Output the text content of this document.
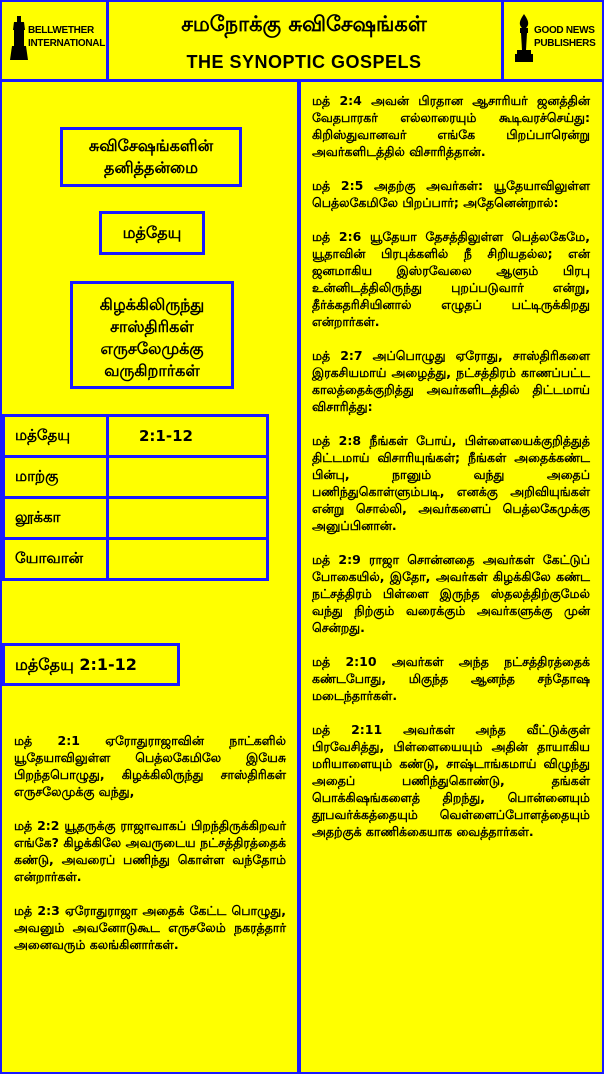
BELLWETHER
INTERNATIONAL
சமநோக்கு சுவிசேஷங்கள்
THE SYNOPTIC GOSPELS
GOOD NEWS
PUBLISHERS
சுவிசேஷங்களின் தனித்தன்மை
மத்தேயு
கிழக்கிலிருந்து சாஸ்திரிகள் எருசலேமுக்கு வருகிறார்கள்
மத்தேயு	2:1-12
மாற்கு	
லூக்கா	
யோவான்	
மத்தேயு 2:1-12

மத் 2:1 ஏரோதுராஜாவின் நாட்களில் யூதேயாவிலுள்ள பெத்லகேமிலே இயேசு பிறந்தபொழுது, கிழக்கிலிருந்து சாஸ்திரிகள் எருசலேமுக்கு வந்து,

மத் 2:2 யூதருக்கு ராஜாவாகப் பிறந்திருக்கிறவர் எங்கே? கிழக்கிலே அவருடைய நட்சத்திரத்தைக் கண்டு, அவரைப் பணிந்து கொள்ள வந்தோம் என்றார்கள்.

மத் 2:3 ஏரோதுராஜா அதைக் கேட்ட பொழுது, அவனும் அவனோடுகூட எருசலேம் நகரத்தார் அனைவரும் கலங்கினார்கள்.

மத் 2:4 அவன் பிரதான ஆசாரியர் ஜனத்தின் வேதபாரகர் எல்லாரையும் கூடிவரச்செய்து: கிறிஸ்துவானவர் எங்கே பிறப்பாரென்று அவர்களிடத்தில் விசாரித்தான்.

மத் 2:5 அதற்கு அவர்கள்: யூதேயாவிலுள்ள பெத்லகேமிலே பிறப்பார்; அதேனென்றால்:

மத் 2:6 யூதேயா தேசத்திலுள்ள பெத்லகேமே, யூதாவின் பிரபுக்களில் நீ சிறியதல்ல; என் ஜனமாகிய இஸ்ரவேலை ஆளும் பிரபு உன்னிடத்திலிருந்து புறப்படுவார் என்று, தீர்க்கதரிசியினால் எழுதப் பட்டிருக்கிறது என்றார்கள்.

மத் 2:7 அப்பொழுது ஏரோது, சாஸ்திரிகளை இரகசியமாய் அழைத்து, நட்சத்திரம் காணப்பட்ட காலத்தைக்குறித்து அவர்களிடத்தில் திட்டமாய் விசாரித்து:

மத் 2:8 நீங்கள் போய், பிள்ளையைக்குறித்துத் திட்டமாய் விசாரியுங்கள்; நீங்கள் அதைக்கண்ட பின்பு, நானும் வந்து அதைப் பணிந்துகொள்ளும்படி, எனக்கு அறிவியுங்கள் என்று சொல்லி, அவர்களைப் பெத்லகேமுக்கு அனுப்பினான்.

மத் 2:9 ராஜா சொன்னதை அவர்கள் கேட்டுப் போகையில், இதோ, அவர்கள் கிழக்கிலே கண்ட நட்சத்திரம் பிள்ளை இருந்த ஸ்தலத்திற்குமேல் வந்து நிற்கும் வரைக்கும் அவர்களுக்கு முன் சென்றது.

மத் 2:10 அவர்கள் அந்த நட்சத்திரத்தைக் கண்டபோது, மிகுந்த ஆனந்த சந்தோஷ மடைந்தார்கள்.

மத் 2:11 அவர்கள் அந்த வீட்டுக்குள் பிரவேசித்து, பிள்ளையையும் அதின் தாயாகிய மரியாளையும் கண்டு, சாஷ்டாங்கமாய் விழுந்து அதைப் பணிந்துகொண்டு, தங்கள் பொக்கிஷங்களைத் திறந்து, பொன்னையும் தூபவர்க்கத்தையும் வெள்ளைப்போளத்தையும் அதற்குக் காணிக்கையாக வைத்தார்கள்.
